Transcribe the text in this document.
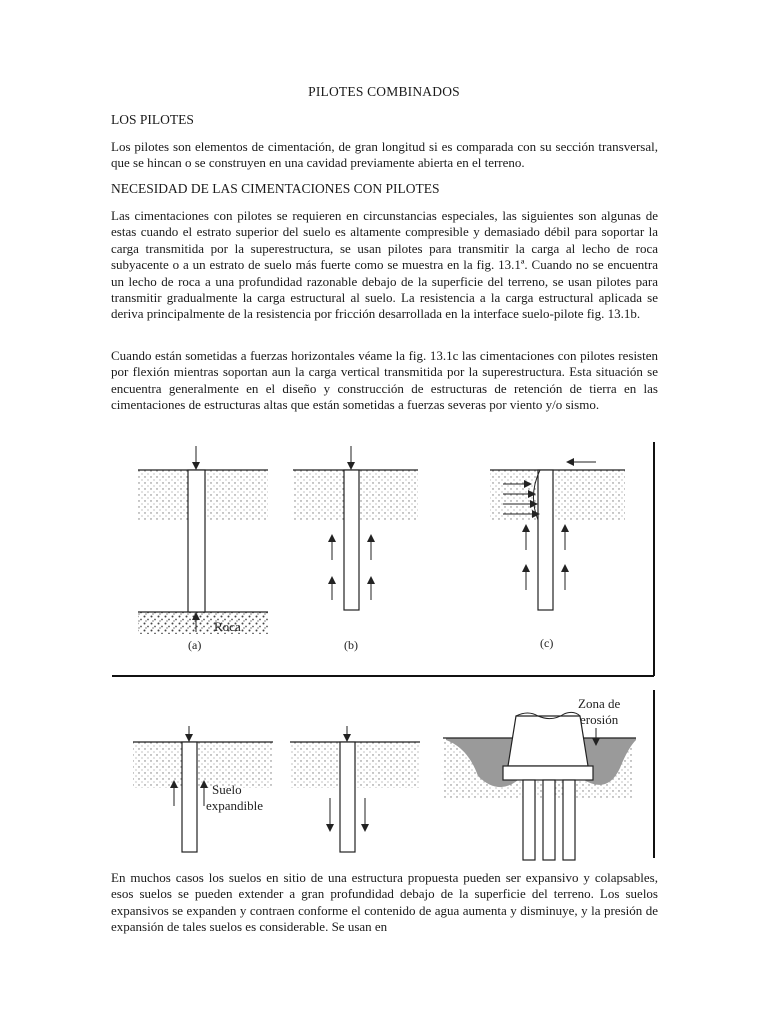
PILOTES COMBINADOS
LOS PILOTES

Los pilotes son elementos de cimentación, de gran longitud si es comparada con su sección transversal, que se hincan o se construyen en una cavidad previamente abierta en el terreno.

NECESIDAD DE LAS CIMENTACIONES CON PILOTES

Las cimentaciones con pilotes se requieren en circunstancias especiales, las siguientes son algunas de estas cuando el estrato superior del suelo es altamente compresible y demasiado débil para soportar la carga transmitida por la superestructura, se usan pilotes para transmitir la carga al lecho de roca subyacente o a un estrato de suelo más fuerte como se muestra en la fig. 13.1ª. Cuando no se encuentra un lecho de roca a una profundidad razonable debajo de la superficie del terreno, se usan pilotes para transmitir gradualmente la carga estructural al suelo. La resistencia a la carga estructural aplicada se deriva principalmente de la resistencia por fricción desarrollada en la interface suelo-pilote fig. 13.1b.

Cuando están sometidas a fuerzas horizontales véame la fig. 13.1c las cimentaciones con pilotes resisten por flexión mientras soportan aun la carga vertical transmitida por la superestructura. Esta situación se encuentra generalmente en el diseño y construcción de estructuras de retención de tierra en las cimentaciones de estructuras altas que están sometidas a fuerzas severas por viento y/o sismo.

Roca
(a)	(b)	(c)
Suelo
expandible
Zona de
erosión

En muchos casos los suelos en sitio de una estructura propuesta pueden ser expansivo y colapsables, esos suelos se pueden extender a gran profundidad debajo de la superficie del terreno. Los suelos expansivos se expanden y contraen conforme el contenido de agua aumenta y disminuye, y la presión de expansión de tales suelos es considerable. Se usan en
